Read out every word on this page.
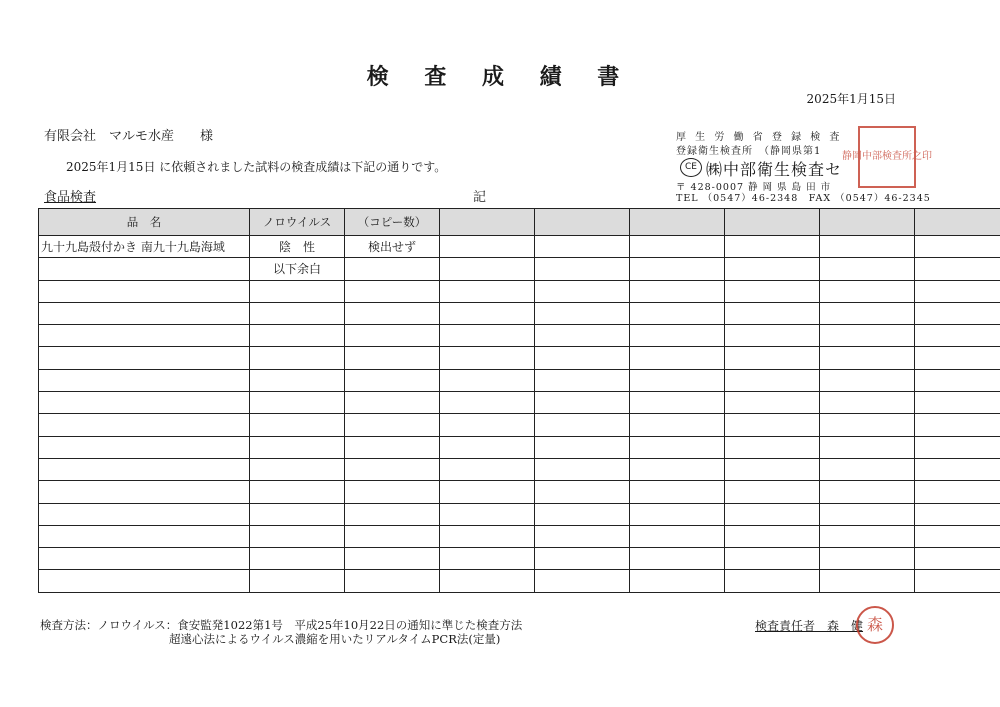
検 査 成 績 書
2025年1月15日
有限会社　マルモ水産　　様
2025年1月15日 に依頼されました試料の検査成績は下記の通りです。
食品検査	記
厚 生 労 働 省 登 録 検 査
登録衛生検査所　（静岡県第1
CE ㈱中部衛生検査セ
〒 428-0007 静 岡 県 島 田 市
TEL （0547）46-2348　FAX （0547）46-2345
静岡中部検査所之印
品　名	ノロウイルス	（コピー数）						
九十九島殻付かき 南九十九島海域	陰　性	検出せず						
	以下余白							

検査方法：ノロウイルス：食安監発1022第1号　平成25年10月22日の通知に準じた検査方法
超遠心法によるウイルス濃縮を用いたリアルタイムPCR法(定量)
検査責任者　森　健 森
